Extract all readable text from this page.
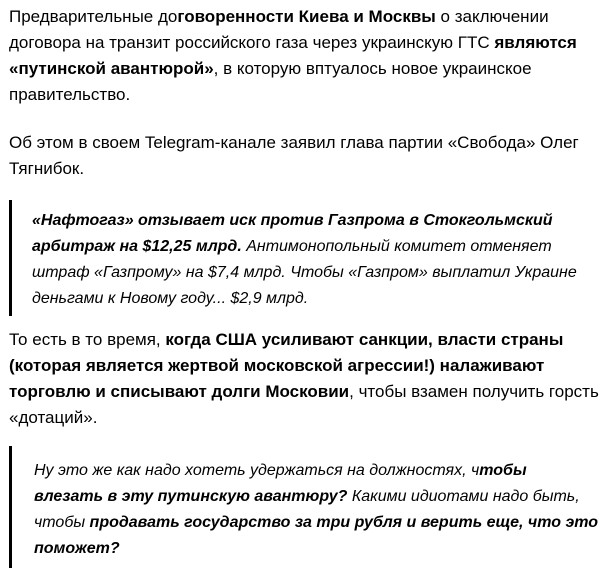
Предварительные договоренности Киева и Москвы о заключении
договора на транзит российского газа через украинскую ГТС являются
«путинской авантюрой», в которую вптуалось новое украинское
правительство.

Об этом в своем Telegram-канале заявил глава партии «Свобода» Олег
Тягнибок.

«Нафтогаз» отзывает иск против Газпрома в Стокгольмский
арбитраж на $12,25 млрд. Антимонопольный комитет отменяет
штраф «Газпрому» на $7,4 млрд. Чтобы «Газпром» выплатил Украине
деньгами к Новому году... $2,9 млрд.

То есть в то время, когда США усиливают санкции, власти страны
(которая является жертвой московской агрессии!) налаживают
торговлю и списывают долги Московии, чтобы взамен получить горсть
«дотаций».

Ну это же как надо хотеть удержаться на должностях, чтобы
влезать в эту путинскую авантюру? Какими идиотами надо быть,
чтобы продавать государство за три рубля и верить еще, что это
поможет?
